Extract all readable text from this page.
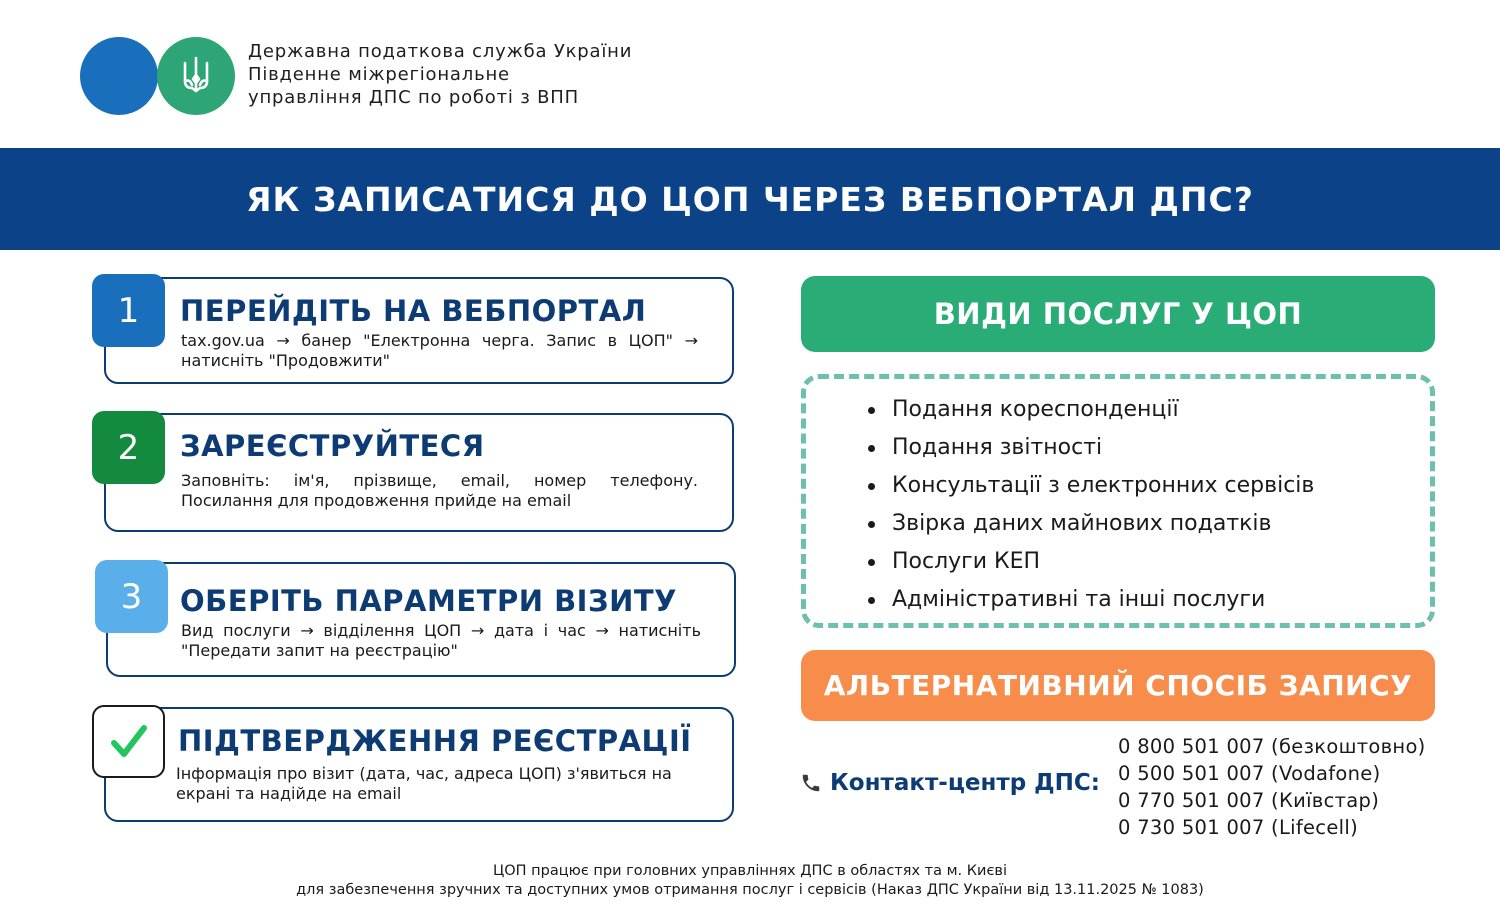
Державна податкова служба України
Південне міжрегіональне
управління ДПС по роботі з ВПП
ЯК ЗАПИСАТИСЯ ДО ЦОП ЧЕРЕЗ ВЕБПОРТАЛ ДПС?
1 ПЕРЕЙДІТЬ НА ВЕБПОРТАЛ
tax.gov.ua → банер "Електронна черга. Запис в ЦОП" → натисніть "Продовжити"
2 ЗАРЕЄСТРУЙТЕСЯ
Заповніть: ім'я, прізвище, email, номер телефону. Посилання для продовження прийде на email
3 ОБЕРІТЬ ПАРАМЕТРИ ВІЗИТУ
Вид послуги → відділення ЦОП → дата і час → натисніть "Передати запит на реєстрацію"
ПІДТВЕРДЖЕННЯ РЕЄСТРАЦІЇ
Інформація про візит (дата, час, адреса ЦОП) з'явиться на екрані та надійде на email
ВИДИ ПОСЛУГ У ЦОП
Подання кореспонденції
Подання звітності
Консультації з електронних сервісів
Звірка даних майнових податків
Послуги КЕП
Адміністративні та інші послуги
АЛЬТЕРНАТИВНИЙ СПОСІБ ЗАПИСУ
Контакт-центр ДПС:
0 800 501 007 (безкоштовно)
0 500 501 007 (Vodafone)
0 770 501 007 (Київстар)
0 730 501 007 (Lifecell)
ЦОП працює при головних управліннях ДПС в областях та м. Києві
для забезпечення зручних та доступних умов отримання послуг і сервісів (Наказ ДПС України від 13.11.2025 № 1083)
